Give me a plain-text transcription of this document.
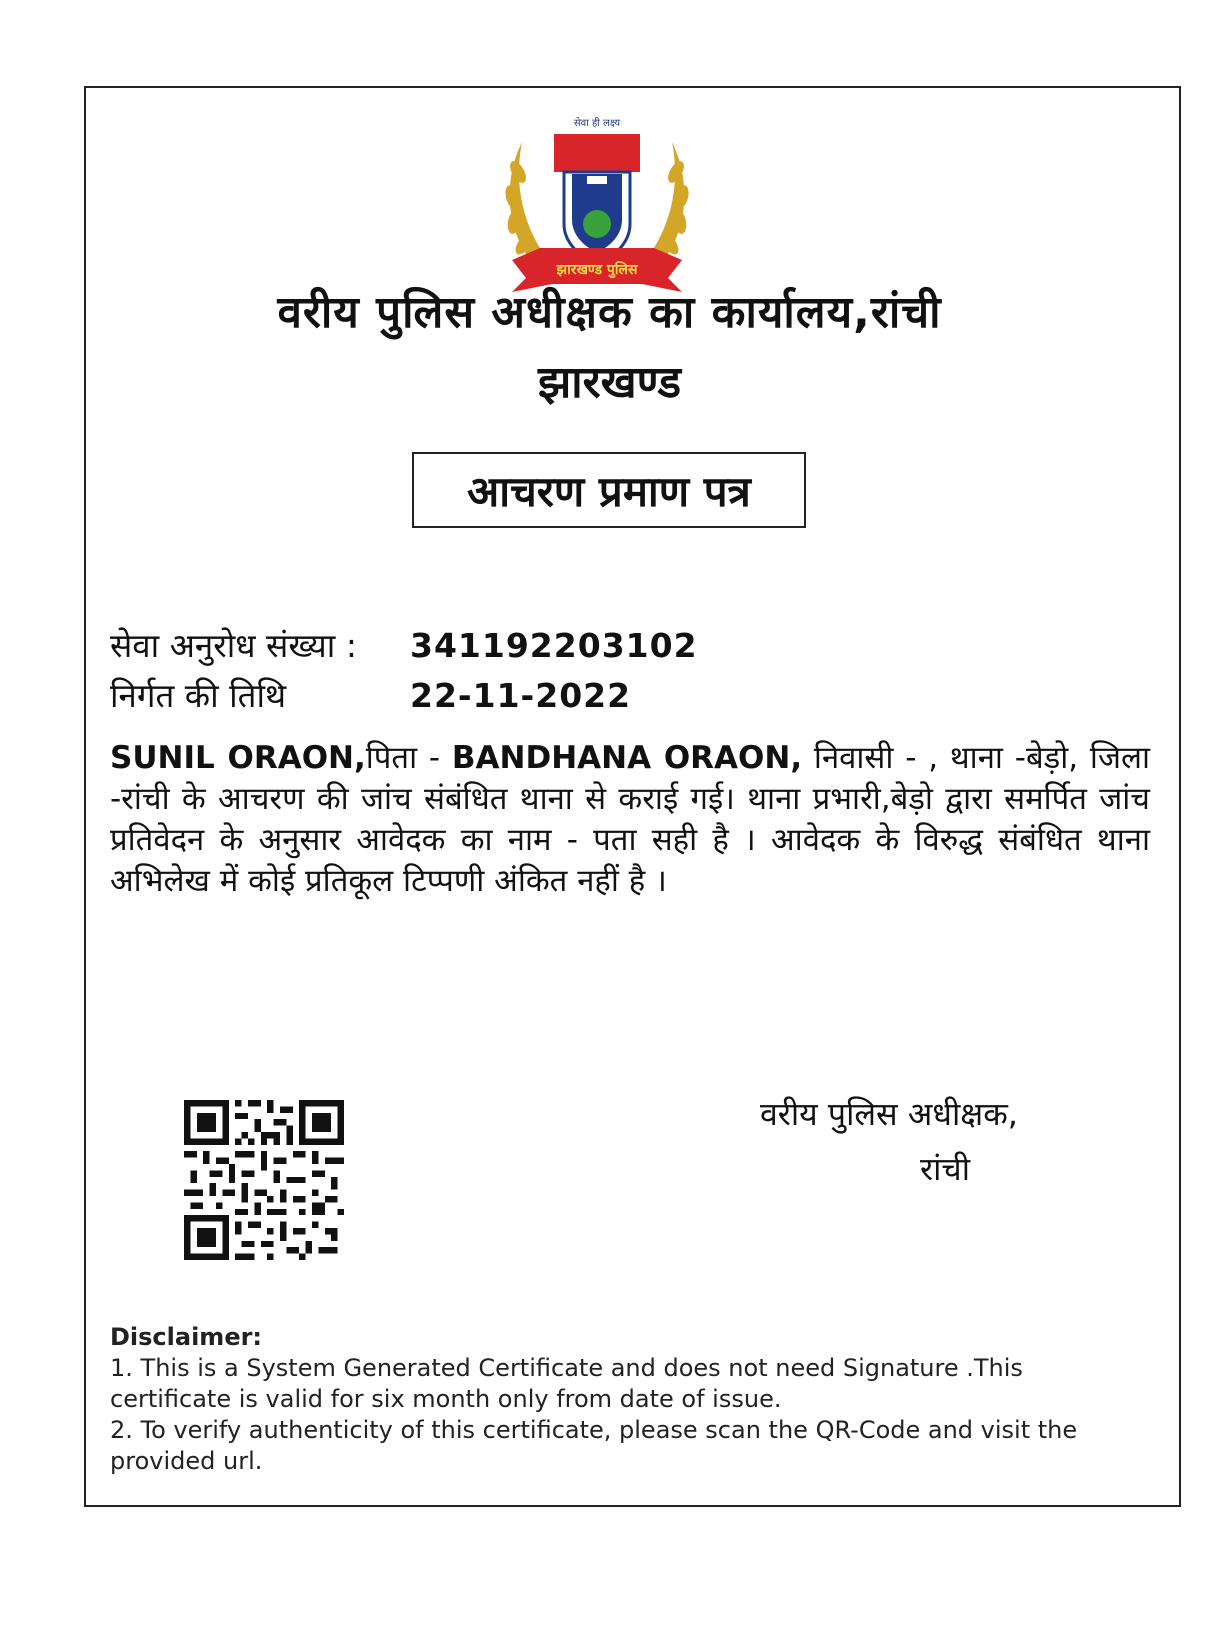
सेवा ही लक्ष्य
झारखण्ड पुलिस
वरीय पुलिस अधीक्षक का कार्यालय,रांची
झारखण्ड
आचरण प्रमाण पत्र
सेवा अनुरोध संख्या : 341192203102
निर्गत की तिथि	22-11-2022
SUNIL ORAON,पिता - BANDHANA ORAON, निवासी - , थाना -बेड़ो, जिला -रांची के आचरण की जांच संबंधित थाना से कराई गई। थाना प्रभारी,बेड़ो द्वारा समर्पित जांच प्रतिवेदन के अनुसार आवेदक का नाम - पता सही है । आवेदक के विरुद्ध संबंधित थाना अभिलेख में कोई प्रतिकूल टिप्पणी अंकित नहीं है ।
वरीय पुलिस अधीक्षक,
रांची
Disclaimer:
1. This is a System Generated Certificate and does not need Signature .This certificate is valid for six month only from date of issue.
2. To verify authenticity of this certificate, please scan the QR-Code and visit the provided url.
